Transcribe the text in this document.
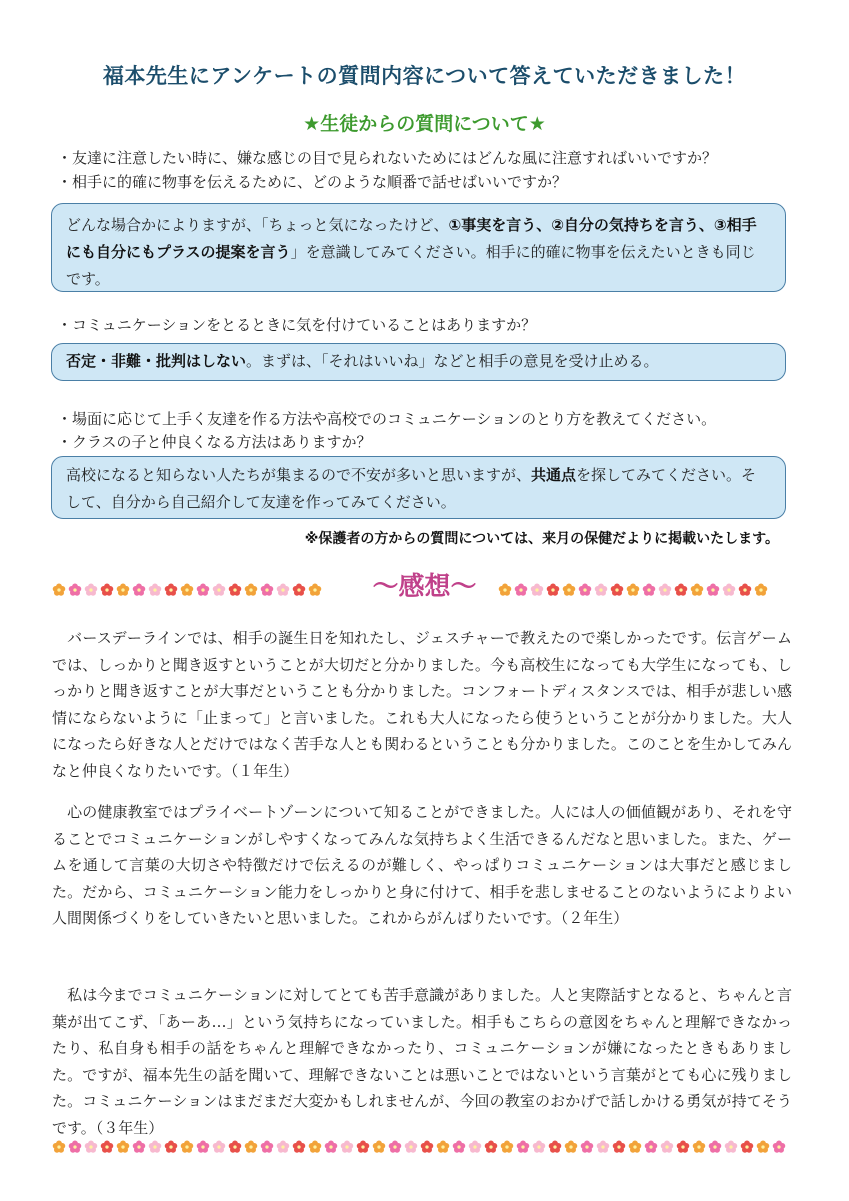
福本先生にアンケートの質問内容について答えていただきました！
★生徒からの質問について★
・友達に注意したい時に、嫌な感じの目で見られないためにはどんな風に注意すればいいですか？
・相手に的確に物事を伝えるために、どのような順番で話せばいいですか？
どんな場合かによりますが、「ちょっと気になったけど、①事実を言う、②自分の気持ちを言う、③相手にも自分にもプラスの提案を言う」を意識してみてください。相手に的確に物事を伝えたいときも同じです。
・コミュニケーションをとるときに気を付けていることはありますか？
否定・非難・批判はしない。まずは、「それはいいね」などと相手の意見を受け止める。
・場面に応じて上手く友達を作る方法や高校でのコミュニケーションのとり方を教えてください。
・クラスの子と仲良くなる方法はありますか？
高校になると知らない人たちが集まるので不安が多いと思いますが、共通点を探してみてください。そして、自分から自己紹介して友達を作ってみてください。
※保護者の方からの質問については、来月の保健だよりに掲載いたします。
～感想～
　バースデーラインでは、相手の誕生日を知れたし、ジェスチャーで教えたので楽しかったです。伝言ゲームでは、しっかりと聞き返すということが大切だと分かりました。今も高校生になっても大学生になっても、しっかりと聞き返すことが大事だということも分かりました。コンフォートディスタンスでは、相手が悲しい感情にならないように「止まって」と言いました。これも大人になったら使うということが分かりました。大人になったら好きな人とだけではなく苦手な人とも関わるということも分かりました。このことを生かしてみんなと仲良くなりたいです。（１年生）
　心の健康教室ではプライベートゾーンについて知ることができました。人には人の価値観があり、それを守ることでコミュニケーションがしやすくなってみんな気持ちよく生活できるんだなと思いました。また、ゲームを通して言葉の大切さや特徴だけで伝えるのが難しく、やっぱりコミュニケーションは大事だと感じました。だから、コミュニケーション能力をしっかりと身に付けて、相手を悲しませることのないようによりよい人間関係づくりをしていきたいと思いました。これからがんばりたいです。（２年生）
　私は今までコミュニケーションに対してとても苦手意識がありました。人と実際話すとなると、ちゃんと言葉が出てこず、「あーあ…」という気持ちになっていました。相手もこちらの意図をちゃんと理解できなかったり、私自身も相手の話をちゃんと理解できなかったり、コミュニケーションが嫌になったときもありました。ですが、福本先生の話を聞いて、理解できないことは悪いことではないという言葉がとても心に残りました。コミュニケーションはまだまだ大変かもしれませんが、今回の教室のおかげで話しかける勇気が持てそうです。（３年生）
